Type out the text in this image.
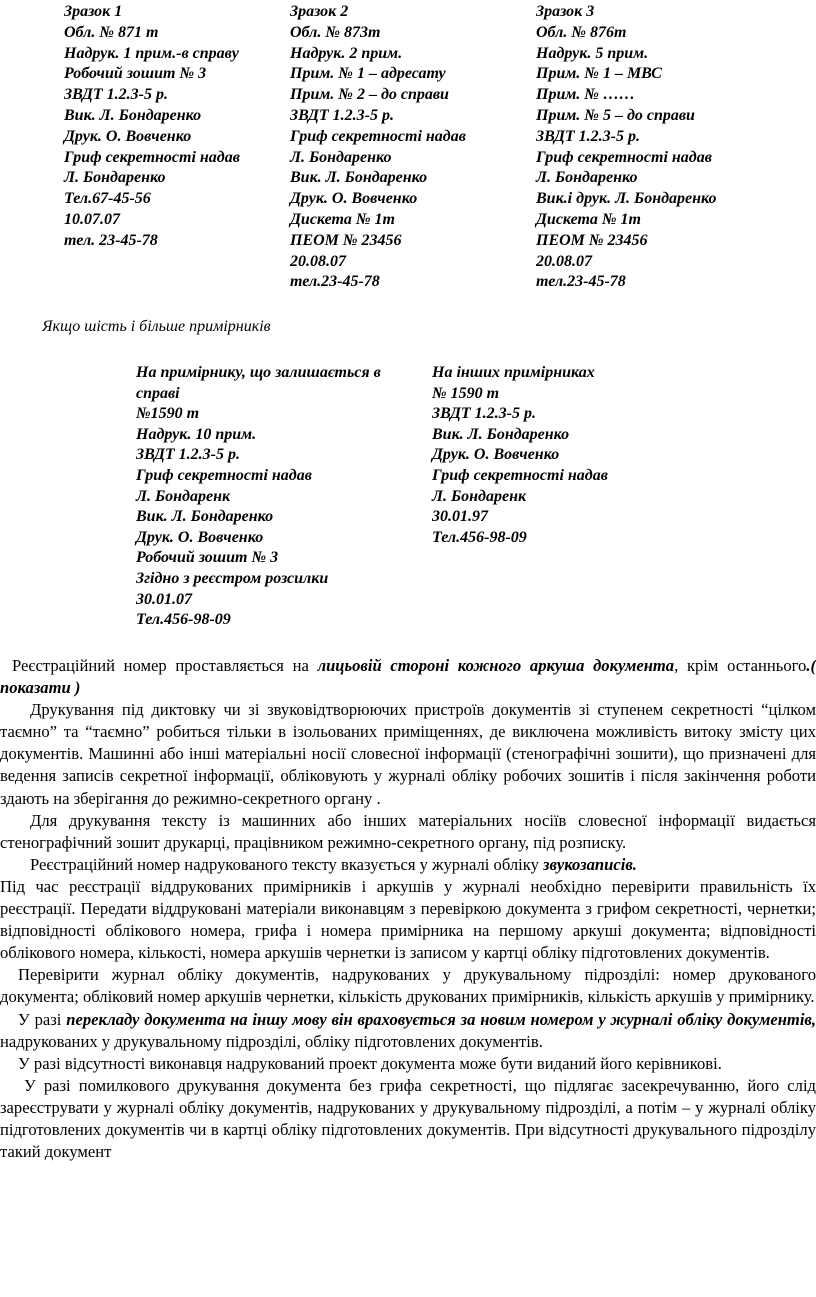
Зразок 1
Обл. № 871 т
Надрук. 1 прим.-в справу
Робочий зошит № 3
ЗВДТ 1.2.3-5 р.
Вик. Л. Бондаренко
Друк. О. Вовченко
Гриф секретності надав
Л. Бондаренко
Тел.67-45-56
10.07.07
тел. 23-45-78
Зразок 2
Обл. № 873т
Надрук. 2 прим.
Прим. № 1 – адресату
Прим. № 2 – до справи
ЗВДТ 1.2.3-5 р.
Гриф секретності надав
Л. Бондаренко
Вик. Л. Бондаренко
Друк. О. Вовченко
Дискета № 1т
ПЕОМ № 23456
20.08.07
тел.23-45-78
Зразок 3
Обл. № 876т
Надрук. 5 прим.
Прим. № 1 – МВС
Прим. № ……
Прим. № 5 – до справи
ЗВДТ 1.2.3-5 р.
Гриф секретності надав
Л. Бондаренко
Вик.і друк. Л. Бондаренко
Дискета № 1т
ПЕОМ № 23456
20.08.07
тел.23-45-78
Якщо шість і більше примірників
На примірнику, що залишається в
справі
№1590 т
Надрук. 10 прим.
ЗВДТ 1.2.3-5 р.
Гриф секретності надав
Л. Бондаренк
Вик. Л. Бондаренко
Друк. О. Вовченко
Робочий зошит № 3
Згідно з реєстром розсилки
30.01.07
Тел.456-98-09
На інших примірниках
№ 1590 т
ЗВДТ 1.2.3-5 р.
Вик. Л. Бондаренко
Друк. О. Вовченко
Гриф секретності надав
Л. Бондаренк
30.01.97
Тел.456-98-09

Реєстраційний номер проставляється на лицьовій стороні кожного аркуша документа, крім останнього.( показати )

Друкування під диктовку чи зі звуковідтворюючих пристроїв документів зі ступенем секретності “цілком таємно” та “таємно” робиться тільки в ізольованих приміщеннях, де виключена можливість витоку змісту цих документів. Машинні або інші матеріальні носії словесної інформації (стенографічні зошити), що призначені для ведення записів секретної інформації, обліковують у журналі обліку робочих зошитів і після закінчення роботи здають на зберігання до режимно-секретного органу .

Для друкування тексту із машинних або інших матеріальних носіїв словесної інформації видається стенографічний зошит друкарці, працівником режимно-секретного органу, під розписку.

Реєстраційний номер надрукованого тексту вказується у журналі обліку звукозаписів.

Під час реєстрації віддрукованих примірників і аркушів у журналі необхідно перевірити правильність їх реєстрації. Передати віддруковані матеріали виконавцям з перевіркою документа з грифом секретності, чернетки; відповідності облікового номера, грифа і номера примірника на першому аркуші документа; відповідності облікового номера, кількості, номера аркушів чернетки із записом у картці обліку підготовлених документів.

Перевірити журнал обліку документів, надрукованих у друкувальному підрозділі: номер друкованого документа; обліковий номер аркушів чернетки, кількість друкованих примірників, кількість аркушів у примірнику.

У разі перекладу документа на іншу мову він враховується за новим номером у журналі обліку документів, надрукованих у друкувальному підрозділі, обліку підготовлених документів.

У разі відсутності виконавця надрукований проект документа може бути виданий його керівникові.

У разі помилкового друкування документа без грифа секретності, що підлягає засекречуванню, його слід зареєструвати у журналі обліку документів, надрукованих у друкувальному підрозділі, а потім – у журналі обліку підготовлених документів чи в картці обліку підготовлених документів. При відсутності друкувального підрозділу такий документ
